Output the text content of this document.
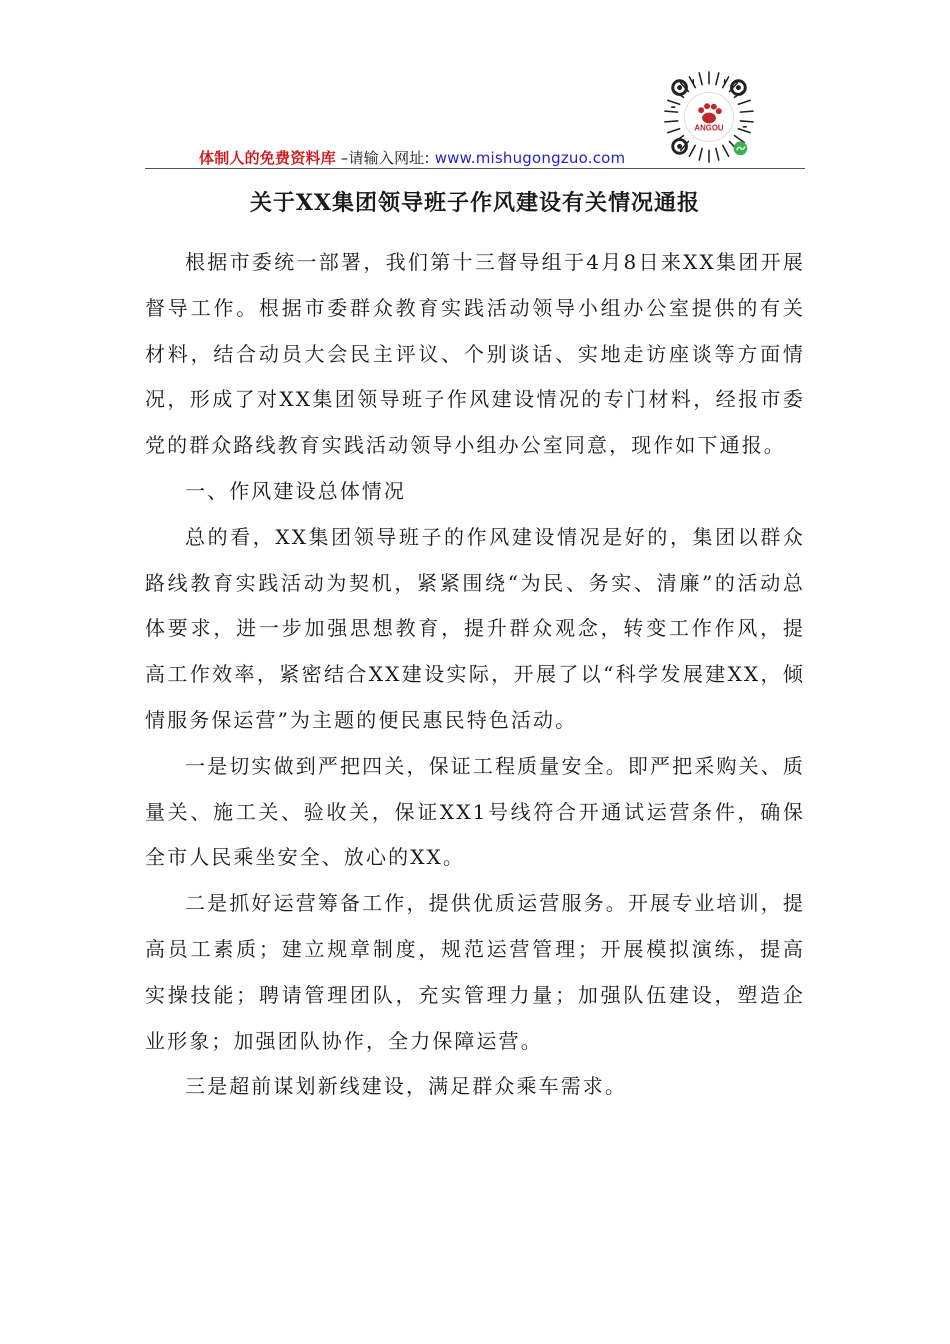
体制人的免费资料库 –请输入网址: www.mishugongzuo.com
ANGOU
关于XX集团领导班子作风建设有关情况通报

根据市委统一部署，我们第十三督导组于4月8日来XX集团开展督导工作。根据市委群众教育实践活动领导小组办公室提供的有关材料，结合动员大会民主评议、个别谈话、实地走访座谈等方面情况，形成了对XX集团领导班子作风建设情况的专门材料，经报市委党的群众路线教育实践活动领导小组办公室同意，现作如下通报。

一、作风建设总体情况

总的看，XX集团领导班子的作风建设情况是好的，集团以群众路线教育实践活动为契机，紧紧围绕“为民、务实、清廉”的活动总体要求，进一步加强思想教育，提升群众观念，转变工作作风，提高工作效率，紧密结合XX建设实际，开展了以“科学发展建XX，倾情服务保运营”为主题的便民惠民特色活动。

一是切实做到严把四关，保证工程质量安全。即严把采购关、质量关、施工关、验收关，保证XX1号线符合开通试运营条件，确保全市人民乘坐安全、放心的XX。

二是抓好运营筹备工作，提供优质运营服务。开展专业培训，提高员工素质；建立规章制度，规范运营管理；开展模拟演练，提高实操技能；聘请管理团队，充实管理力量；加强队伍建设，塑造企业形象；加强团队协作，全力保障运营。

三是超前谋划新线建设，满足群众乘车需求。
